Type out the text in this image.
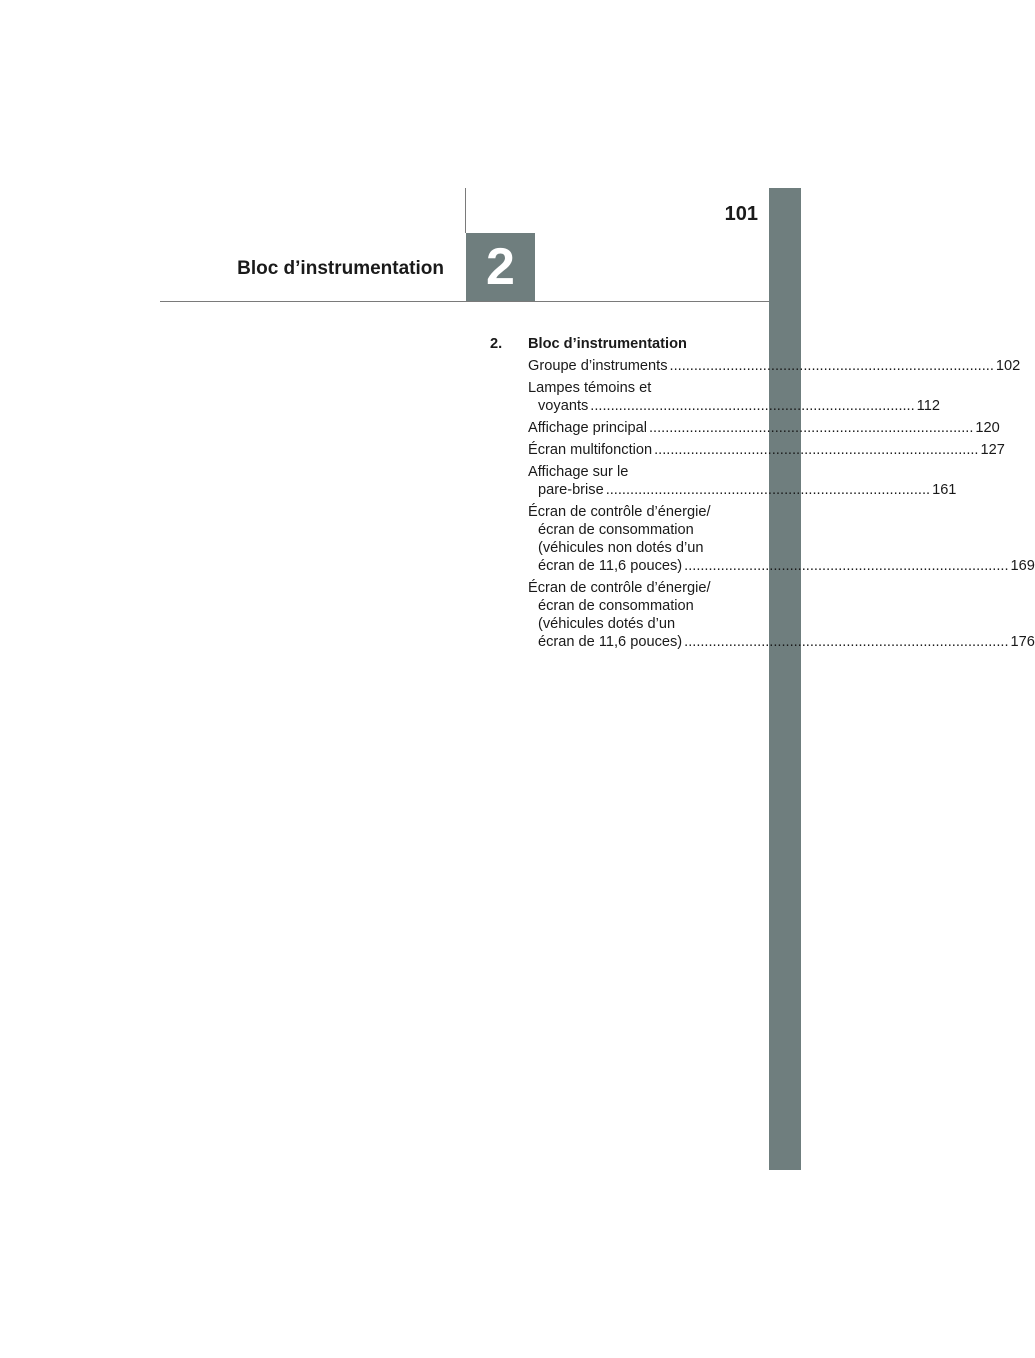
101
Bloc d’instrumentation 2
2.	Bloc d’instrumentation
Groupe d’instruments ................................................................................ 102
Lampes témoins et
voyants ................................................................................ 112
Affichage principal ................................................................................ 120
Écran multifonction ................................................................................ 127
Affichage sur le
pare-brise ................................................................................ 161
Écran de contrôle d’énergie/
écran de consommation
(véhicules non dotés d’un
écran de 11,6 pouces) ................................................................................ 169
Écran de contrôle d’énergie/
écran de consommation
(véhicules dotés d’un
écran de 11,6 pouces) ................................................................................ 176
